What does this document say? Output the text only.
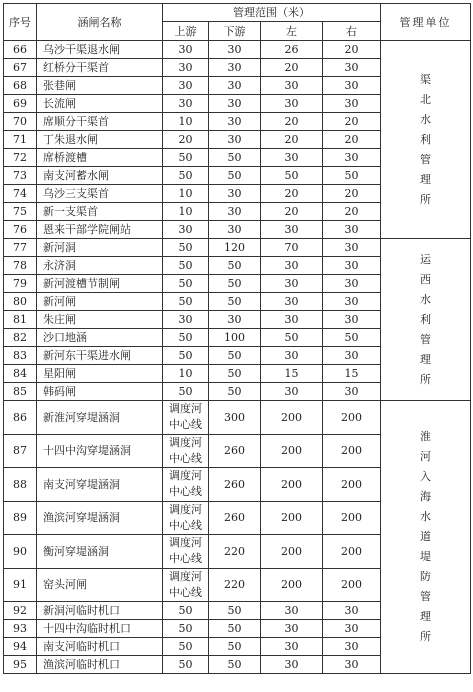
序号	涵闸名称	管理范围（米）				管理单位
		上游	下游	左	右	
66	乌沙干渠退水闸	30	30	26	20	渠北水利管理所

67	红桥分干渠首	30	30	20	30	
68	张巷闸	30	30	30	30	
69	长流闸	30	30	30	30	
70	席顺分干渠首	10	30	20	20	
71	丁朱退水闸	20	30	20	20	
72	席桥渡槽	50	50	30	30	
73	南支河蓄水闸	50	50	50	50	
74	乌沙三支渠首	10	30	20	20	
75	新一支渠首	10	30	20	20	
76	恩来干部学院闸站	30	30	30	30	
77	新河洞	50	120	70	30	运西水利管理所

78	永济洞	50	50	30	30	
79	新河渡槽节制闸	50	50	30	30	
80	新河闸	50	50	30	30	
81	朱庄闸	30	30	30	30	
82	沙口地涵	50	100	50	50	
83	新河东干渠进水闸	50	50	30	30	
84	星阳闸	10	50	15	15	
85	韩码闸	50	50	30	30	
86	新淮河穿堤涵洞	调度河中心线	300	200	200	淮河入海水道堤防管理所

87	十四中沟穿堤涵洞	调度河中心线	260	200	200	
88	南支河穿堤涵洞	调度河中心线	260	200	200	
89	渔滨河穿堤涵洞	调度河中心线	260	200	200	
90	衡河穿堤涵洞	调度河中心线	220	200	200	
91	窑头河闸	调度河中心线	220	200	200	
92	新洞河临时机口	50	50	30	30	
93	十四中沟临时机口	50	50	30	30	
94	南支河临时机口	50	50	30	30	
95	渔滨河临时机口	50	50	30	30	
